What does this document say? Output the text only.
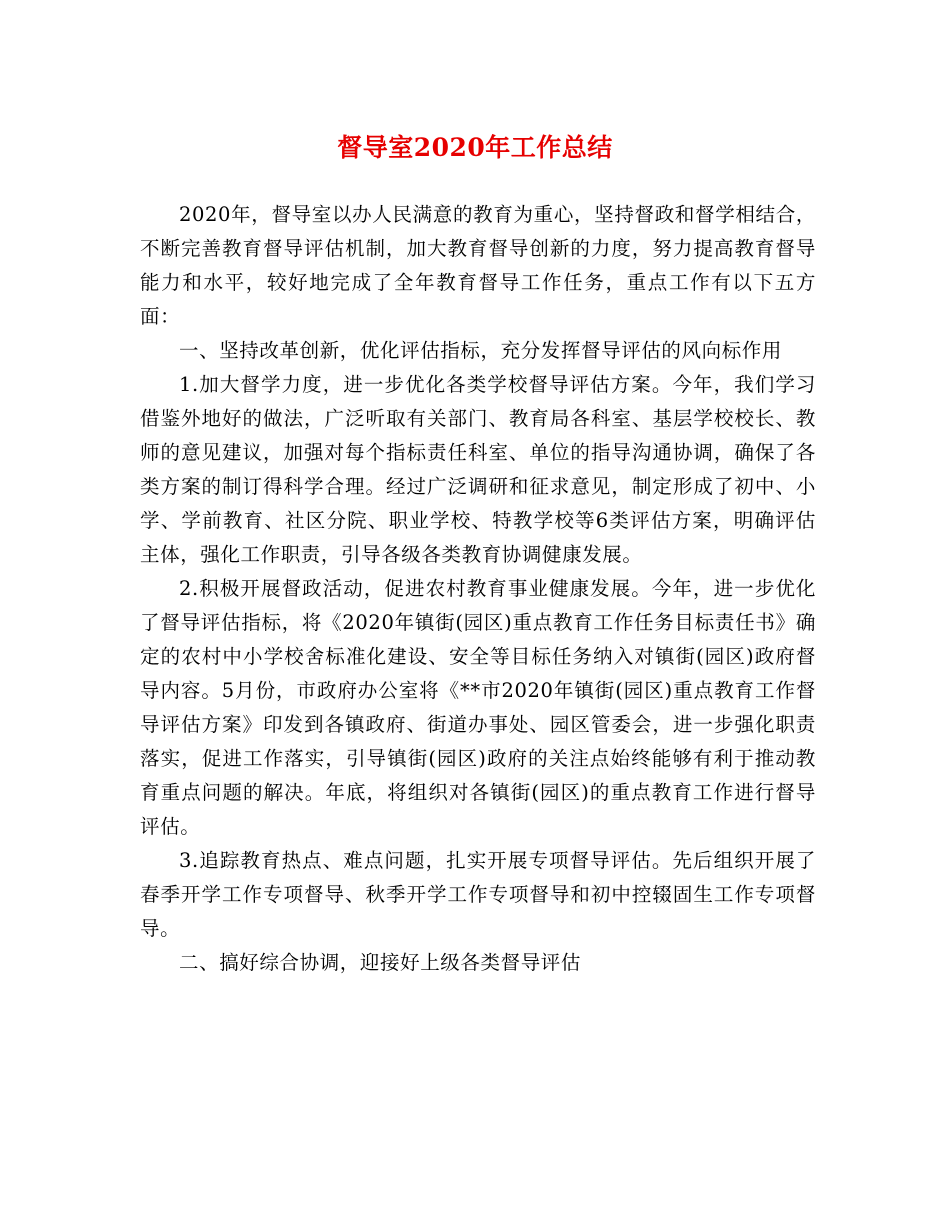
督导室2020年工作总结

2020年，督导室以办人民满意的教育为重心，坚持督政和督学相结合，不断完善教育督导评估机制，加大教育督导创新的力度，努力提高教育督导能力和水平，较好地完成了全年教育督导工作任务，重点工作有以下五方面：

一、坚持改革创新，优化评估指标，充分发挥督导评估的风向标作用

1.加大督学力度，进一步优化各类学校督导评估方案。今年，我们学习借鉴外地好的做法，广泛听取有关部门、教育局各科室、基层学校校长、教师的意见建议，加强对每个指标责任科室、单位的指导沟通协调，确保了各类方案的制订得科学合理。经过广泛调研和征求意见，制定形成了初中、小学、学前教育、社区分院、职业学校、特教学校等6类评估方案，明确评估主体，强化工作职责，引导各级各类教育协调健康发展。

2.积极开展督政活动，促进农村教育事业健康发展。今年，进一步优化了督导评估指标，将《2020年镇街(园区)重点教育工作任务目标责任书》确定的农村中小学校舍标准化建设、安全等目标任务纳入对镇街(园区)政府督导内容。5月份，市政府办公室将《**市2020年镇街(园区)重点教育工作督导评估方案》印发到各镇政府、街道办事处、园区管委会，进一步强化职责落实，促进工作落实，引导镇街(园区)政府的关注点始终能够有利于推动教育重点问题的解决。年底，将组织对各镇街(园区)的重点教育工作进行督导评估。

3.追踪教育热点、难点问题，扎实开展专项督导评估。先后组织开展了春季开学工作专项督导、秋季开学工作专项督导和初中控辍固生工作专项督导。

二、搞好综合协调，迎接好上级各类督导评估
